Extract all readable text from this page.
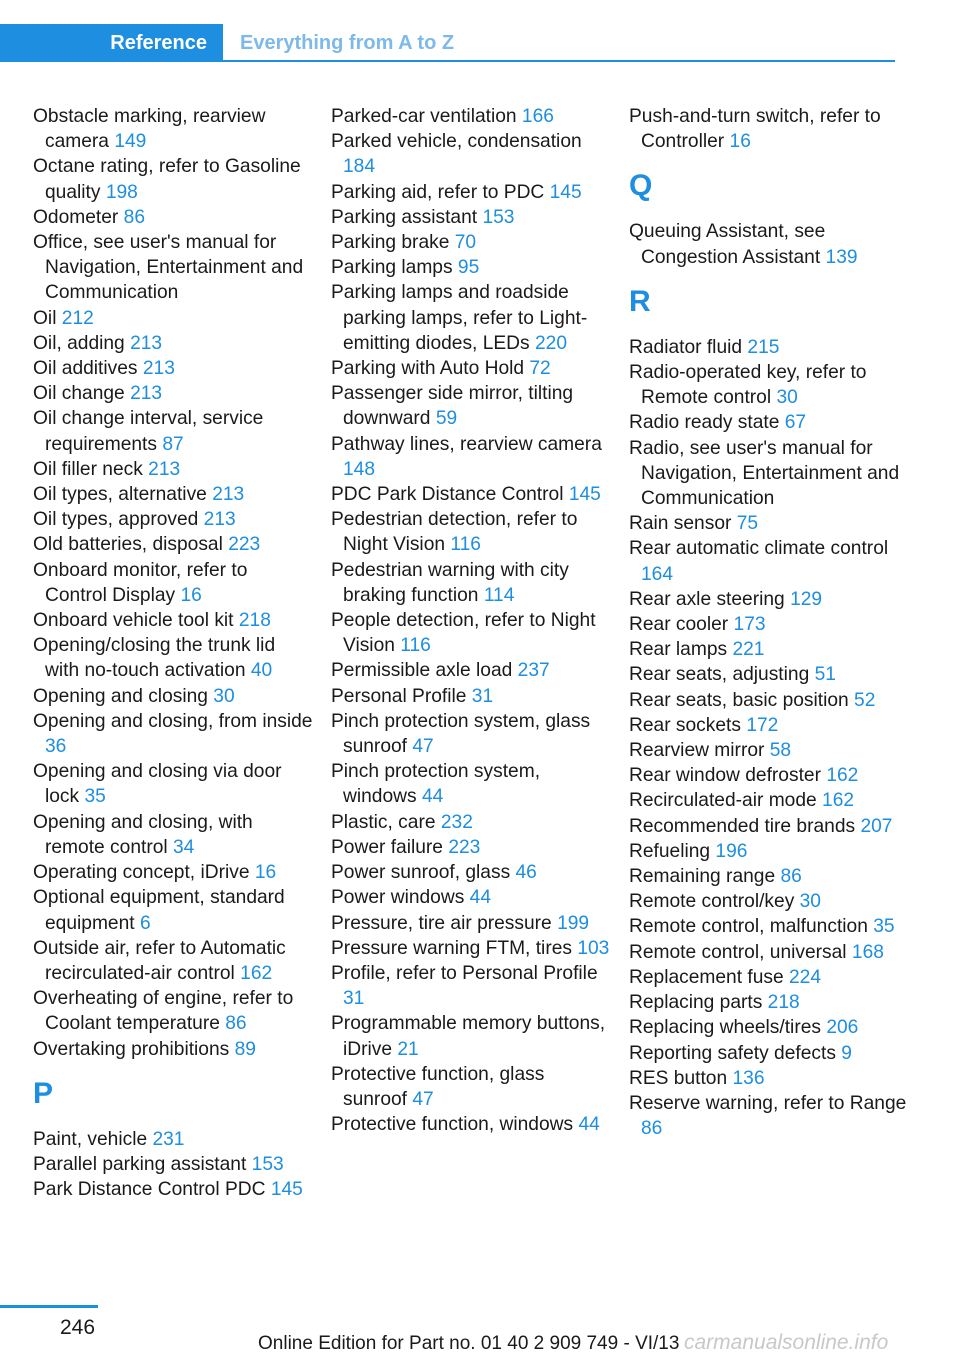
Reference	Everything from A to Z
Obstacle marking, rearview camera 149
Octane rating, refer to Gasoline quality 198
Odometer 86
Office, see user's manual for Navigation, Entertainment and Communication
Oil 212
Oil, adding 213
Oil additives 213
Oil change 213
Oil change interval, service requirements 87
Oil filler neck 213
Oil types, alternative 213
Oil types, approved 213
Old batteries, disposal 223
Onboard monitor, refer to Control Display 16
Onboard vehicle tool kit 218
Opening/closing the trunk lid with no-touch activation 40
Opening and closing 30
Opening and closing, from inside 36
Opening and closing via door lock 35
Opening and closing, with remote control 34
Operating concept, iDrive 16
Optional equipment, standard equipment 6
Outside air, refer to Automatic recirculated-air control 162
Overheating of engine, refer to Coolant temperature 86
Overtaking prohibitions 89
P
Paint, vehicle 231
Parallel parking assistant 153
Park Distance Control PDC 145
Parked-car ventilation 166
Parked vehicle, condensation 184
Parking aid, refer to PDC 145
Parking assistant 153
Parking brake 70
Parking lamps 95
Parking lamps and roadside parking lamps, refer to Light-emitting diodes, LEDs 220
Parking with Auto Hold 72
Passenger side mirror, tilting downward 59
Pathway lines, rearview camera 148
PDC Park Distance Control 145
Pedestrian detection, refer to Night Vision 116
Pedestrian warning with city braking function 114
People detection, refer to Night Vision 116
Permissible axle load 237
Personal Profile 31
Pinch protection system, glass sunroof 47
Pinch protection system, windows 44
Plastic, care 232
Power failure 223
Power sunroof, glass 46
Power windows 44
Pressure, tire air pressure 199
Pressure warning FTM, tires 103
Profile, refer to Personal Profile 31
Programmable memory buttons, iDrive 21
Protective function, glass sunroof 47
Protective function, windows 44
Push-and-turn switch, refer to Controller 16
Q
Queuing Assistant, see Congestion Assistant 139
R
Radiator fluid 215
Radio-operated key, refer to Remote control 30
Radio ready state 67
Radio, see user's manual for Navigation, Entertainment and Communication
Rain sensor 75
Rear automatic climate control 164
Rear axle steering 129
Rear cooler 173
Rear lamps 221
Rear seats, adjusting 51
Rear seats, basic position 52
Rear sockets 172
Rearview mirror 58
Rear window defroster 162
Recirculated-air mode 162
Recommended tire brands 207
Refueling 196
Remaining range 86
Remote control/key 30
Remote control, malfunction 35
Remote control, universal 168
Replacement fuse 224
Replacing parts 218
Replacing wheels/tires 206
Reporting safety defects 9
RES button 136
Reserve warning, refer to Range 86
246
Online Edition for Part no. 01 40 2 909 749 - VI/13 carmanualsonline.info
